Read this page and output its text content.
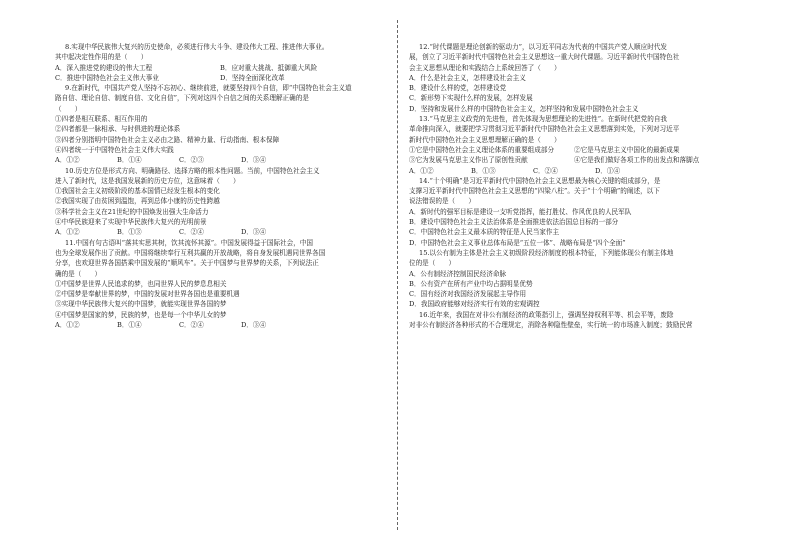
8.实现中华民族伟大复兴的历史使命，必须进行伟大斗争、建设伟大工程、推进伟大事业。
其中起决定性作用的是（　　）
A．深入推进党的建设的伟大工程	B．应对重大挑战、抵御重大风险
C．推进中国特色社会主义伟大事业	D．坚持全面深化改革
9.在新时代，中国共产党人坚持不忘初心、继续前进，就要坚持四个自信，即“中国特色社会主义道
路自信、理论自信、制度自信、文化自信”，下列对这四个自信之间的关系理解正确的是
（　　）
①四者是相互联系、相互作用的
②四者都是一脉相承、与时俱进的理论体系
③四者分别指明中国特色社会主义必由之路、精神力量、行动指南、根本保障
④四者统一于中国特色社会主义伟大实践
A．①②	B．①④	C．②③	D．③④
10.历史方位是形式方向、明确路径、选择方略的根本性问题。当前，中国特色社会主义
进入了新时代，这是我国发展新的历史方位，这意味着（　　）
①我国社会主义初级阶段的基本国情已经发生根本的变化
②我国实现了由贫困到温饱，再到总体小康的历史性跨越
③科学社会主义在21世纪的中国焕发出强大生命活力
④中华民族迎来了实现中华民族伟大复兴的光明前景
A．①②	B．①③	C．②④	D．③④
11.中国有句古语叫“落其实思其树，饮其流怀其源”。中国发展得益于国际社会，中国
也为全球发展作出了贡献。中国将继续奉行互利共赢的开放战略，将自身发展机遇同世界各国
分享，也欢迎世界各国搭乘中国发展的“顺风车”。关于中国梦与世界梦的关系，下列说法正
确的是（　　）
①中国梦是世界人民追求的梦，也同世界人民的梦息息相关
②中国梦是奉献世界的梦，中国的发展对世界各国也是重要机遇
③实现中华民族伟大复兴的中国梦，就能实现世界各国的梦
④中国梦是国家的梦，民族的梦，也是每一个中华儿女的梦
A．①②	B．①④	C．②④	D．③④
12.“时代课题是理论创新的驱动力”，以习近平同志为代表的中国共产党人顺应时代发
展，创立了习近平新时代中国特色社会主义思想这一重大时代课题。习近平新时代中国特色社
会主义思想从理论和实践结合上系统回答了（　　）
A．什么是社会主义，怎样建设社会主义
B．建设什么样的党，怎样建设党
C．新形势下实现什么样的发展，怎样发展
D．坚持和发展什么样的中国特色社会主义，怎样坚持和发展中国特色社会主义
13.“马克思主义政党的先进性，首先体现为思想理论的先进性”。在新时代把党的自我
革命推向深入，就要把学习贯彻习近平新时代中国特色社会主义思想落到实处，下列对习近平
新时代中国特色社会主义思想理解正确的是（　　）
①它是中国特色社会主义理论体系的重要组成部分	②它是马克思主义中国化的最新成果
③它为发展马克思主义作出了原创性贡献	④它是我们做好各项工作的出发点和落脚点
A．①②	B．①③	C．②④	D．①④
14.“十个明确”是习近平新时代中国特色社会主义思想最为核心关键的组成部分，是
支撑习近平新时代中国特色社会主义思想的“四梁八柱”。关于“十个明确”的阐述，以下
说法错误的是（　　）
A．新时代的强军目标是建设一支听党指挥，能打胜仗、作风优良的人民军队
B．建设中国特色社会主义法治体系是全面推进依法治国总目标的一部分
C．中国特色社会主义最本质的特征是人民当家作主
D．中国特色社会主义事业总体布局是“五位一体”、战略布局是“四个全面”
15.以公有制为主体是社会主义初级阶段经济制度的根本特征，下列能体现公有制主体地
位的是（　　）
A．公有制经济控制国民经济命脉
B．公有资产在所有产业中均占据明显优势
C．国有经济对我国经济发展起主导作用
D．我国政府能够对经济实行有效的宏观调控
16.近年来，我国在对非公有制经济的政策指引上，强调坚持权利平等、机会平等，废除
对非公有制经济各种形式的不合理规定，消除各种隐性壁垒，实行统一的市场准入制度；鼓励民营
